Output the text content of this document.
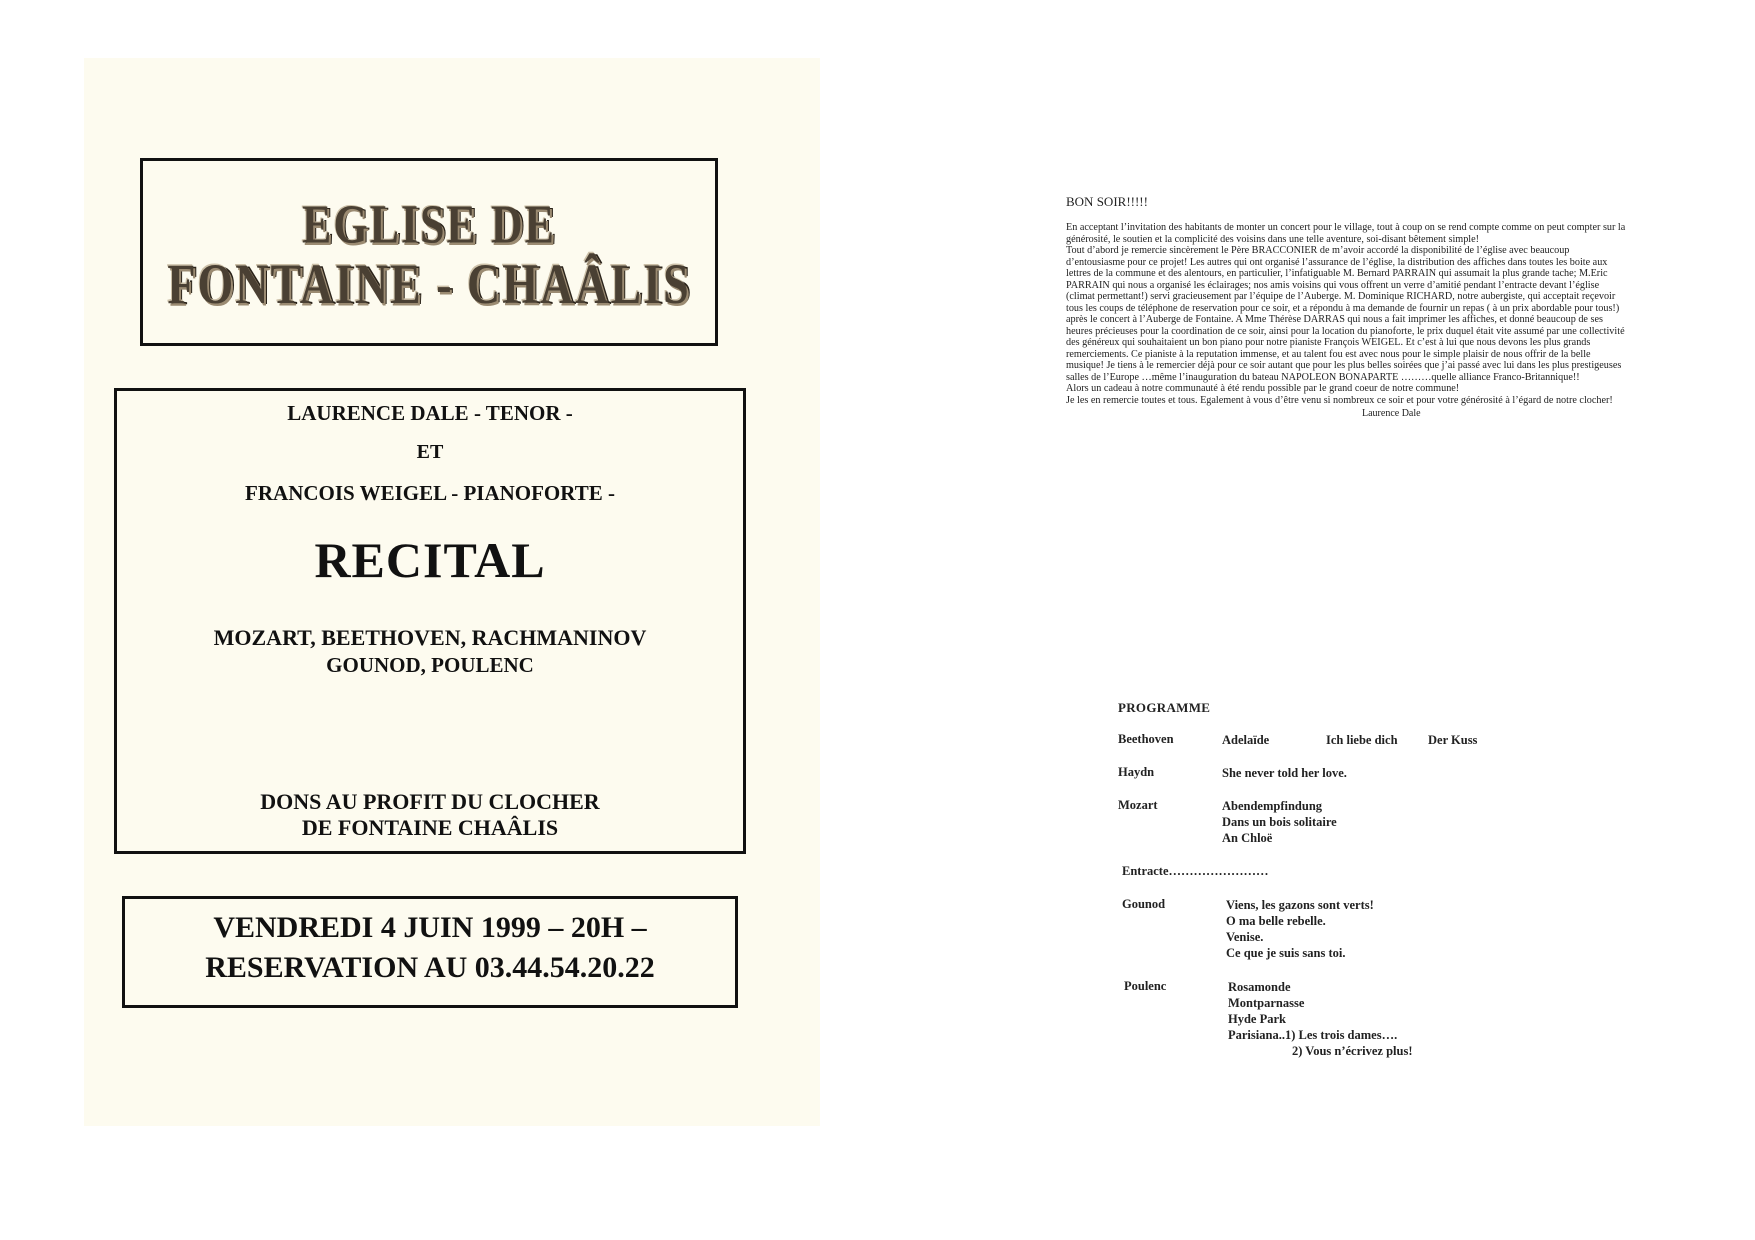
EGLISE DE
FONTAINE - CHAÂLIS
LAURENCE DALE - TENOR -
ET
FRANCOIS WEIGEL - PIANOFORTE -
RECITAL
MOZART, BEETHOVEN, RACHMANINOV
GOUNOD, POULENC
DONS AU PROFIT DU CLOCHER
DE FONTAINE CHAÂLIS
VENDREDI 4 JUIN 1999 – 20H –
RESERVATION AU 03.44.54.20.22
BON SOIR!!!!!

En acceptant l’invitation des habitants de monter un concert pour le village, tout à coup on se rend compte comme on peut compter sur la générosité, le soutien et la complicité des voisins dans une telle aventure, soi-disant bêtement simple!

Tout d’abord je remercie sincèrement le Père BRACCONIER de m’avoir accordé la disponibilité de l’église avec beaucoup d’entousiasme pour ce projet! Les autres qui ont organisé l’assurance de l’église, la distribution des affiches dans toutes les boite aux lettres de la commune et des alentours, en particulier, l’infatiguable M. Bernard PARRAIN qui assumait la plus grande tache; M.Eric PARRAIN qui nous a organisé les éclairages; nos amis voisins qui vous offrent un verre d’amitié pendant l’entracte devant l’église (climat permettant!) servi gracieusement par l’équipe de l’Auberge. M. Dominique RICHARD, notre aubergiste, qui acceptait reçevoir tous les coups de téléphone de reservation pour ce soir, et a répondu à ma demande de fournir un repas ( à un prix abordable pour tous!) après le concert à l’Auberge de Fontaine. A Mme Thérèse DARRAS qui nous a fait imprimer les affiches, et donné beaucoup de ses heures précieuses pour la coordination de ce soir, ainsi pour la location du pianoforte, le prix duquel était vite assumé par une collectivité des généreux qui souhaitaient un bon piano pour notre pianiste François WEIGEL. Et c’est à lui que nous devons les plus grands remerciements. Ce pianiste à la reputation immense, et au talent fou est avec nous pour le simple plaisir de nous offrir de la belle musique! Je tiens à le remercier déjà pour ce soir autant que pour les plus belles soirées que j’ai passé avec lui dans les plus prestigeuses salles de l’Europe …même l’inauguration du bateau NAPOLEON BONAPARTE ………quelle alliance Franco-Britannique!!

Alors un cadeau à notre communauté à été rendu possible par le grand coeur de notre commune!

Je les en remercie toutes et tous. Egalement à vous d’être venu si nombreux ce soir et pour votre générosité à l’égard de notre clocher!

Laurence Dale
PROGRAMME
Beethoven	Adelaïde	Ich liebe dich	Der Kuss
Haydn	She never told her love.
Mozart	Abendempfindung
Dans un bois solitaire
An Chloë
Entracte……………………
Gounod	Viens, les gazons sont verts!
O ma belle rebelle.
Venise.
Ce que je suis sans toi.
Poulenc	Rosamonde
Montparnasse
Hyde Park
Parisiana..1) Les trois dames….
2) Vous n’écrivez plus!
